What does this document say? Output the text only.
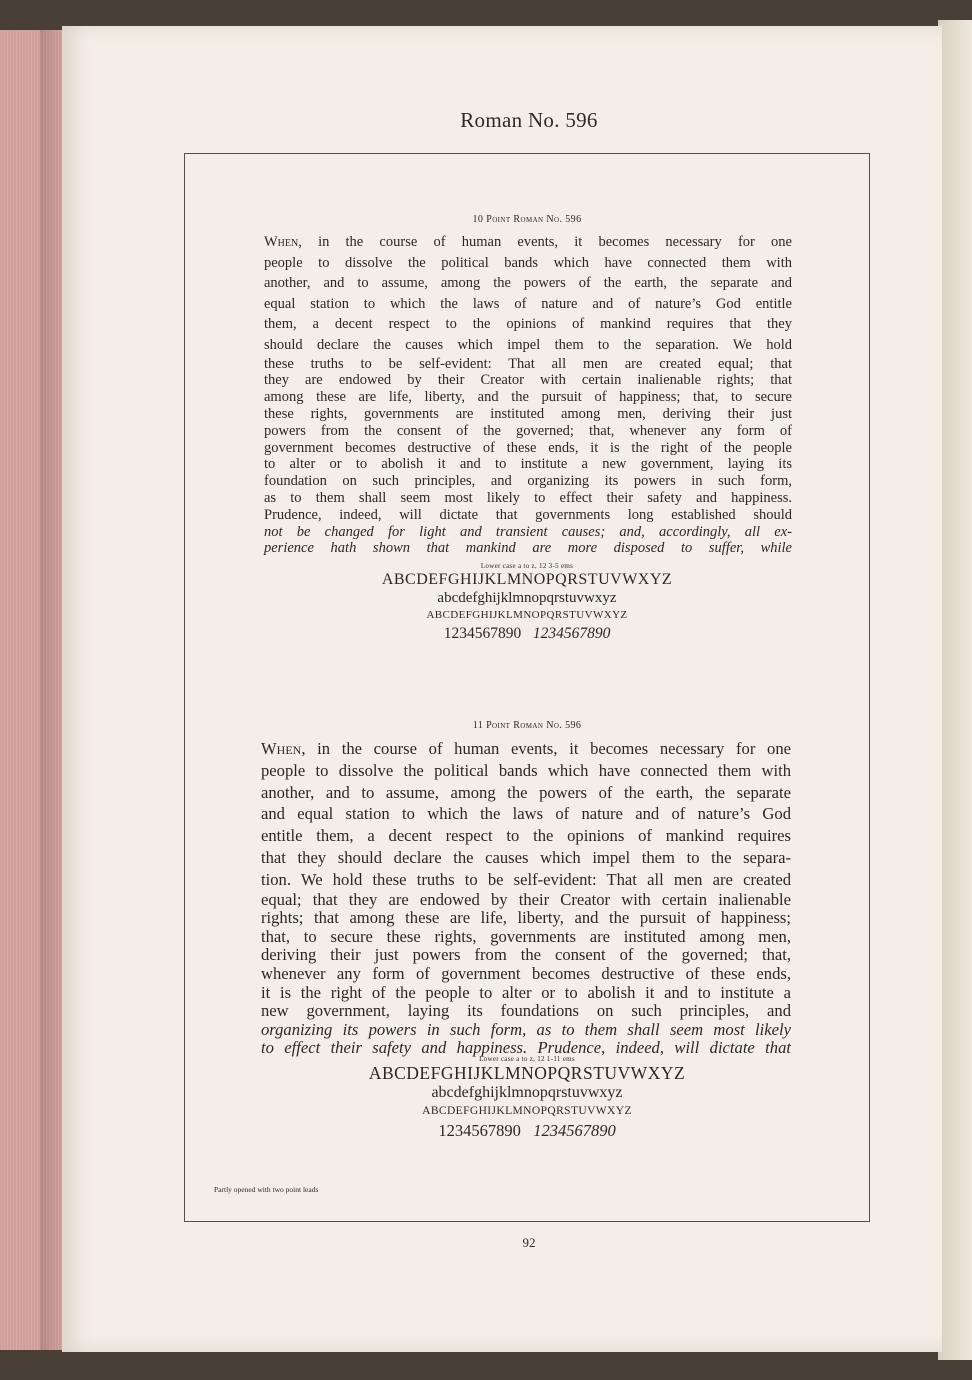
Roman No. 596
10 Point Roman No. 596
When, in the course of human events, it becomes necessary for one
people to dissolve the political bands which have connected them with
another, and to assume, among the powers of the earth, the separate and
equal station to which the laws of nature and of nature’s God entitle
them, a decent respect to the opinions of mankind requires that they
should declare the causes which impel them to the separation. We hold
these truths to be self-evident: That all men are created equal; that
they are endowed by their Creator with certain inalienable rights; that
among these are life, liberty, and the pursuit of happiness; that, to secure
these rights, governments are instituted among men, deriving their just
powers from the consent of the governed; that, whenever any form of
government becomes destructive of these ends, it is the right of the people
to alter or to abolish it and to institute a new government, laying its
foundation on such principles, and organizing its powers in such form,
as to them shall seem most likely to effect their safety and happiness.
Prudence, indeed, will dictate that governments long established should
not be changed for light and transient causes; and, accordingly, all ex-
perience hath shown that mankind are more disposed to suffer, while
Lower case a to z, 12 3-5 ems
ABCDEFGHIJKLMNOPQRSTUVWXYZ
abcdefghijklmnopqrstuvwxyz
ABCDEFGHIJKLMNOPQRSTUVWXYZ
1234567890 1234567890
11 Point Roman No. 596
When, in the course of human events, it becomes necessary for one
people to dissolve the political bands which have connected them with
another, and to assume, among the powers of the earth, the separate
and equal station to which the laws of nature and of nature’s God
entitle them, a decent respect to the opinions of mankind requires
that they should declare the causes which impel them to the separa-
tion. We hold these truths to be self-evident: That all men are created
equal; that they are endowed by their Creator with certain inalienable
rights; that among these are life, liberty, and the pursuit of happiness;
that, to secure these rights, governments are instituted among men,
deriving their just powers from the consent of the governed; that,
whenever any form of government becomes destructive of these ends,
it is the right of the people to alter or to abolish it and to institute a
new government, laying its foundations on such principles, and
organizing its powers in such form, as to them shall seem most likely
to effect their safety and happiness. Prudence, indeed, will dictate that
Lower case a to z, 12 1-11 ems
ABCDEFGHIJKLMNOPQRSTUVWXYZ
abcdefghijklmnopqrstuvwxyz
ABCDEFGHIJKLMNOPQRSTUVWXYZ
1234567890 1234567890
Partly opened with two point leads
92
